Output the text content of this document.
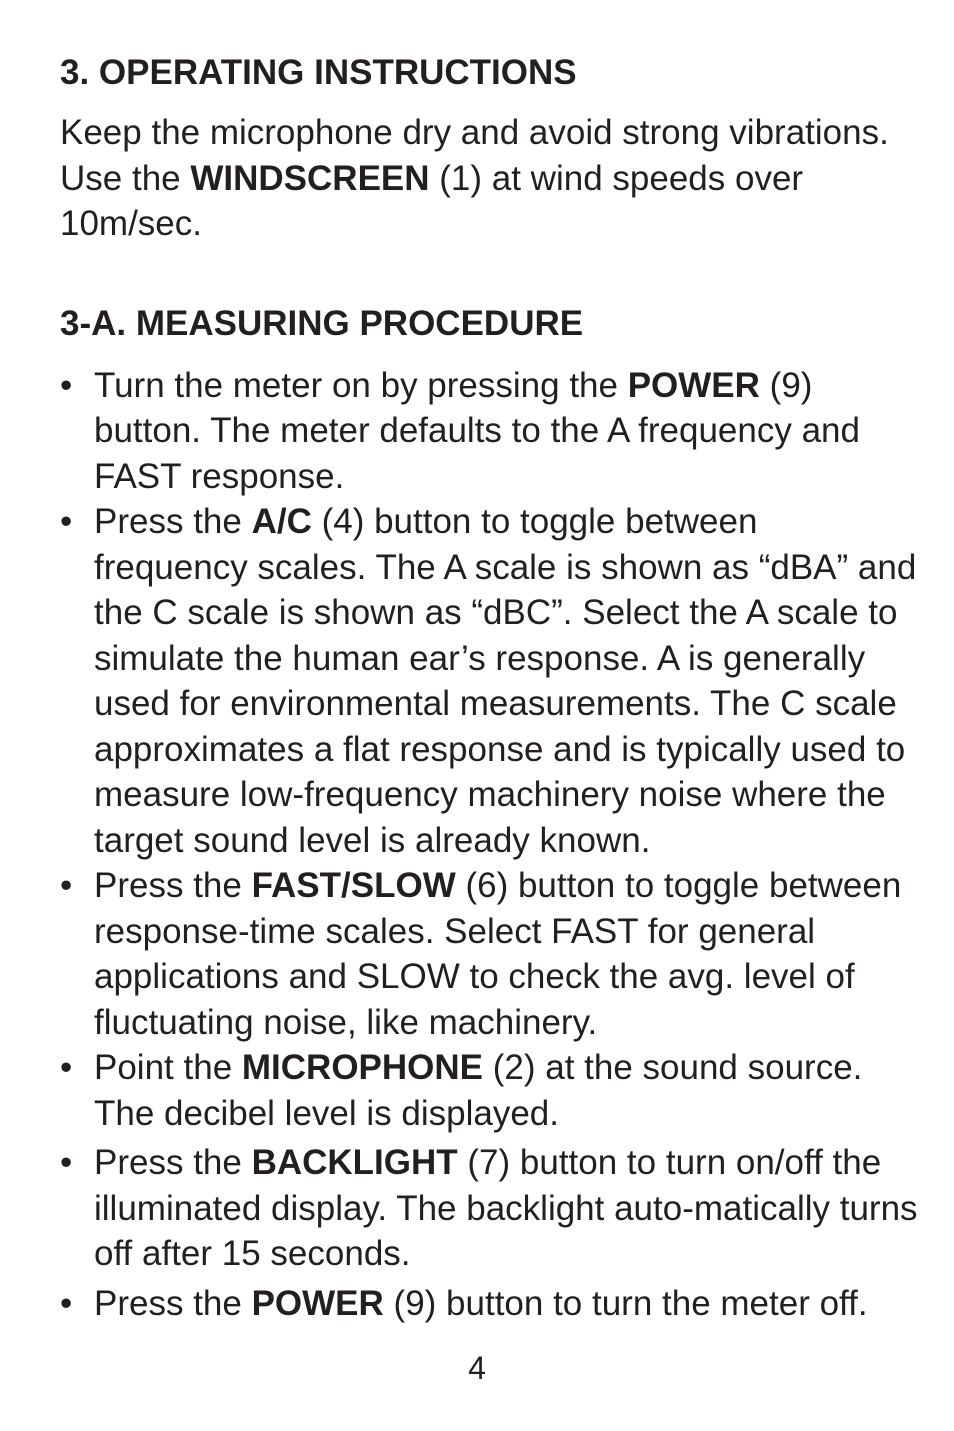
3. OPERATING INSTRUCTIONS

Keep the microphone dry and avoid strong vibrations. Use the WINDSCREEN (1) at wind speeds over 10m/sec.

3-A. MEASURING PROCEDURE
• Turn the meter on by pressing the POWER (9) button. The meter defaults to the A frequency and FAST response.
• Press the A/C (4) button to toggle between frequency scales. The A scale is shown as “dBA” and the C scale is shown as “dBC”. Select the A scale to simulate the human ear’s response. A is generally used for environmental measurements. The C scale approximates a flat response and is typically used to measure low-frequency machinery noise where the target sound level is already known.
• Press the FAST/SLOW (6) button to toggle between response-time scales. Select FAST for general applications and SLOW to check the avg. level of fluctuating noise, like machinery.
• Point the MICROPHONE (2) at the sound source. The decibel level is displayed.
• Press the BACKLIGHT (7) button to turn on/off the illuminated display. The backlight auto-matically turns off after 15 seconds.
• Press the POWER (9) button to turn the meter off.
4
